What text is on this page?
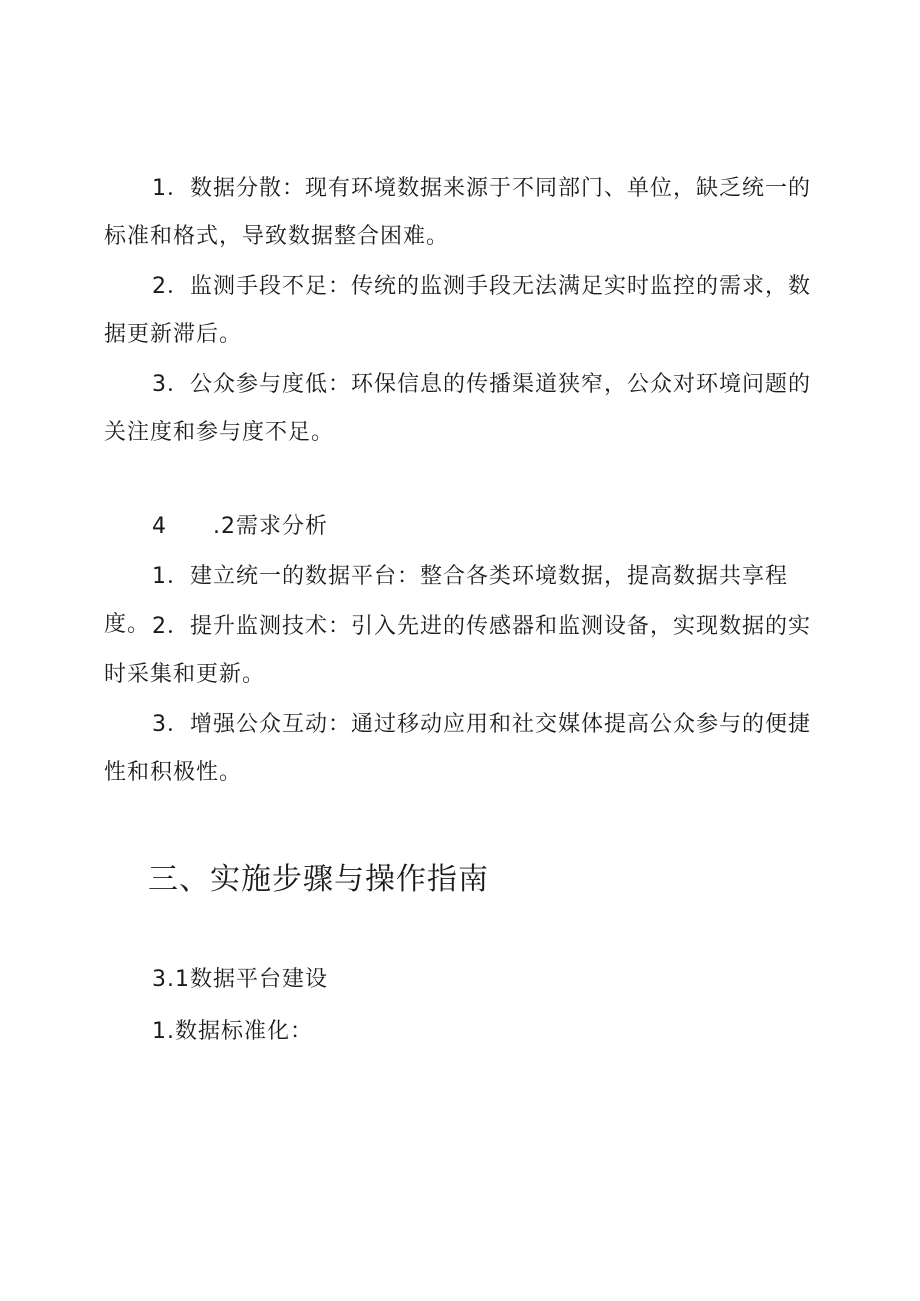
1．数据分散：现有环境数据来源于不同部门、单位，缺乏统一的标准和格式，导致数据整合困难。

2．监测手段不足：传统的监测手段无法满足实时监控的需求，数据更新滞后。

3．公众参与度低：环保信息的传播渠道狭窄，公众对环境问题的关注度和参与度不足。

4　　.2需求分析

1．建立统一的数据平台：整合各类环境数据，提高数据共享程度。 2．提升监测技术：引入先进的传感器和监测设备，实现数据的实时采集和更新。

3．增强公众互动：通过移动应用和社交媒体提高公众参与的便捷性和积极性。

三、实施步骤与操作指南

3.1数据平台建设

1.数据标准化：
